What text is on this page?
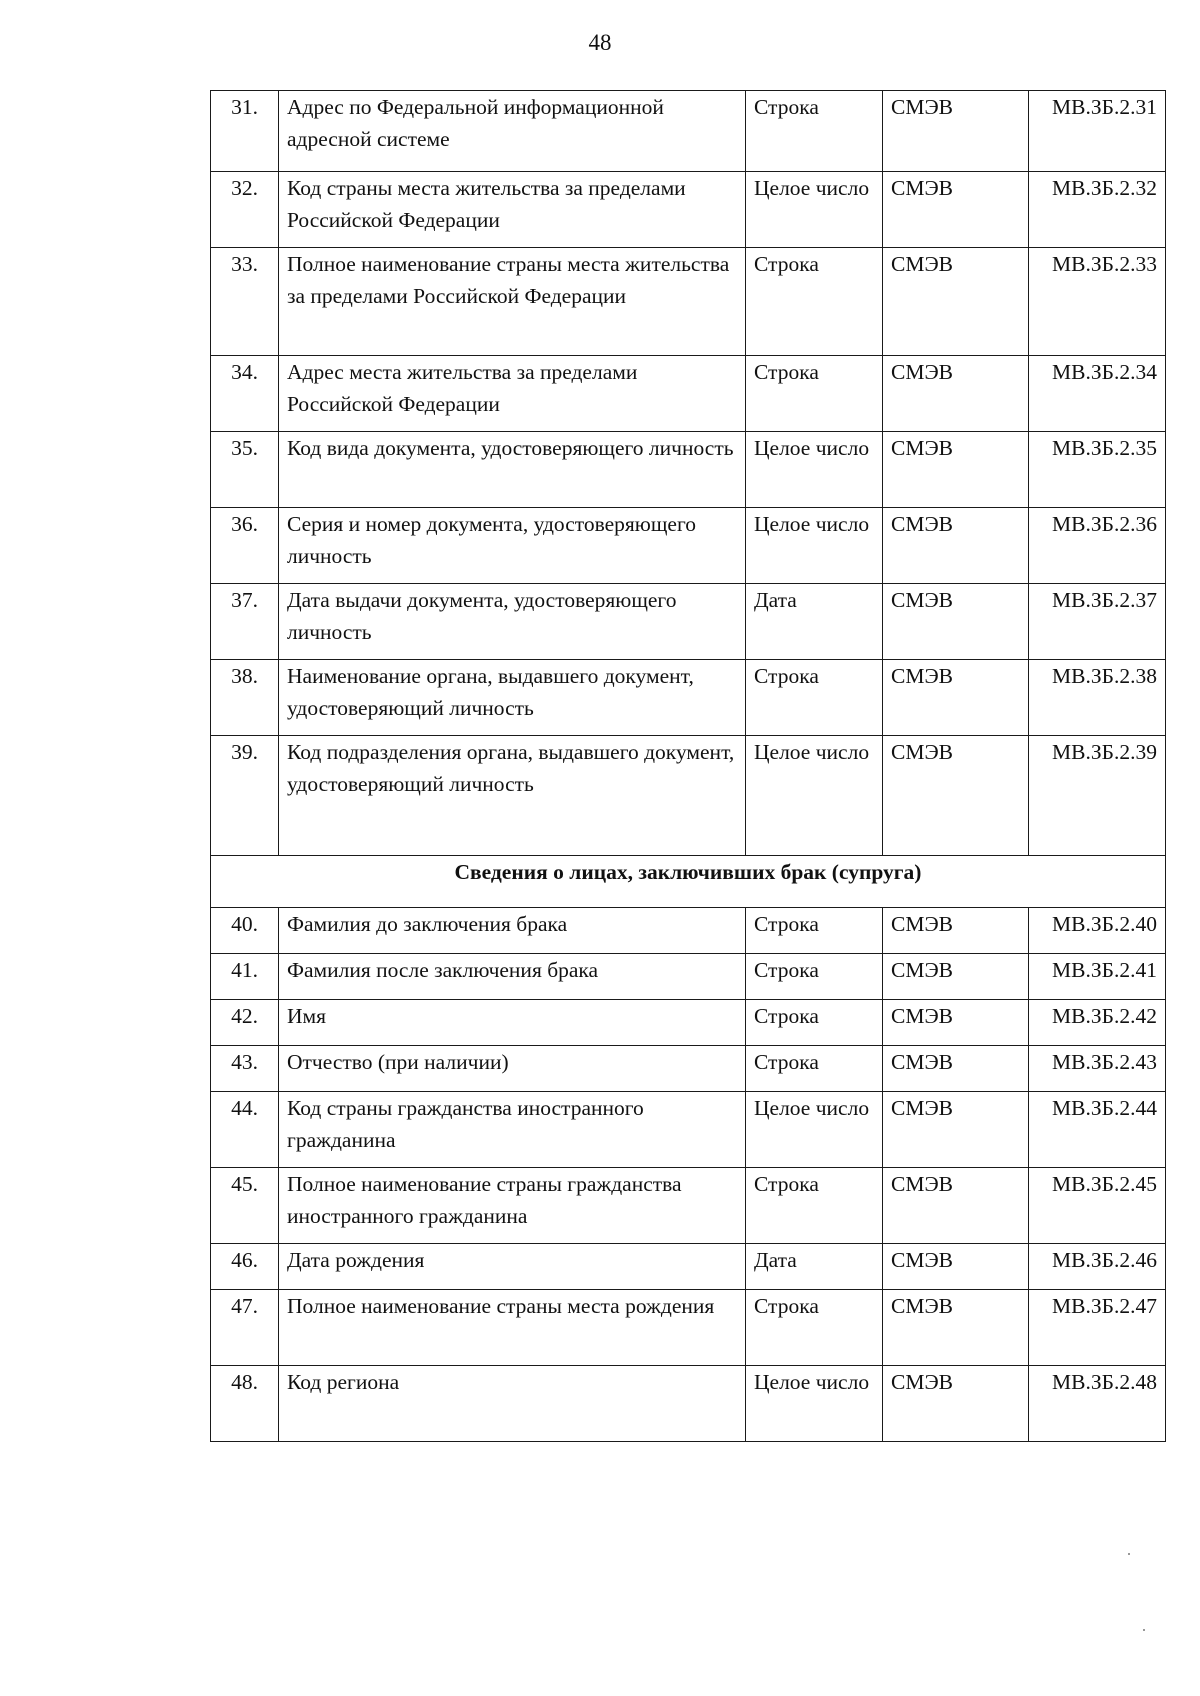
48
31.	Адрес по Федеральной информационной адресной системе	Строка	СМЭВ	МВ.ЗБ.2.31
32.	Код страны места жительства за пределами Российской Федерации	Целое число	СМЭВ	МВ.ЗБ.2.32
33.	Полное наименование страны места жительства за пределами Российской Федерации	Строка	СМЭВ	МВ.ЗБ.2.33
34.	Адрес места жительства за пределами Российской Федерации	Строка	СМЭВ	МВ.ЗБ.2.34
35.	Код вида документа, удостоверяющего личность	Целое число	СМЭВ	МВ.ЗБ.2.35
36.	Серия и номер документа, удостоверяющего личность	Целое число	СМЭВ	МВ.ЗБ.2.36
37.	Дата выдачи документа, удостоверяющего личность	Дата	СМЭВ	МВ.ЗБ.2.37
38.	Наименование органа, выдавшего документ, удостоверяющий личность	Строка	СМЭВ	МВ.ЗБ.2.38
39.	Код подразделения органа, выдавшего документ, удостоверяющий личность	Целое число	СМЭВ	МВ.ЗБ.2.39
Сведения о лицах, заключивших брак (супруга)				
40.	Фамилия до заключения брака	Строка	СМЭВ	МВ.ЗБ.2.40
41.	Фамилия после заключения брака	Строка	СМЭВ	МВ.ЗБ.2.41
42.	Имя	Строка	СМЭВ	МВ.ЗБ.2.42
43.	Отчество (при наличии)	Строка	СМЭВ	МВ.ЗБ.2.43
44.	Код страны гражданства иностранного гражданина	Целое число	СМЭВ	МВ.ЗБ.2.44
45.	Полное наименование страны гражданства иностранного гражданина	Строка	СМЭВ	МВ.ЗБ.2.45
46.	Дата рождения	Дата	СМЭВ	МВ.ЗБ.2.46
47.	Полное наименование страны места рождения	Строка	СМЭВ	МВ.ЗБ.2.47
48.	Код региона	Целое число	СМЭВ	МВ.ЗБ.2.48
